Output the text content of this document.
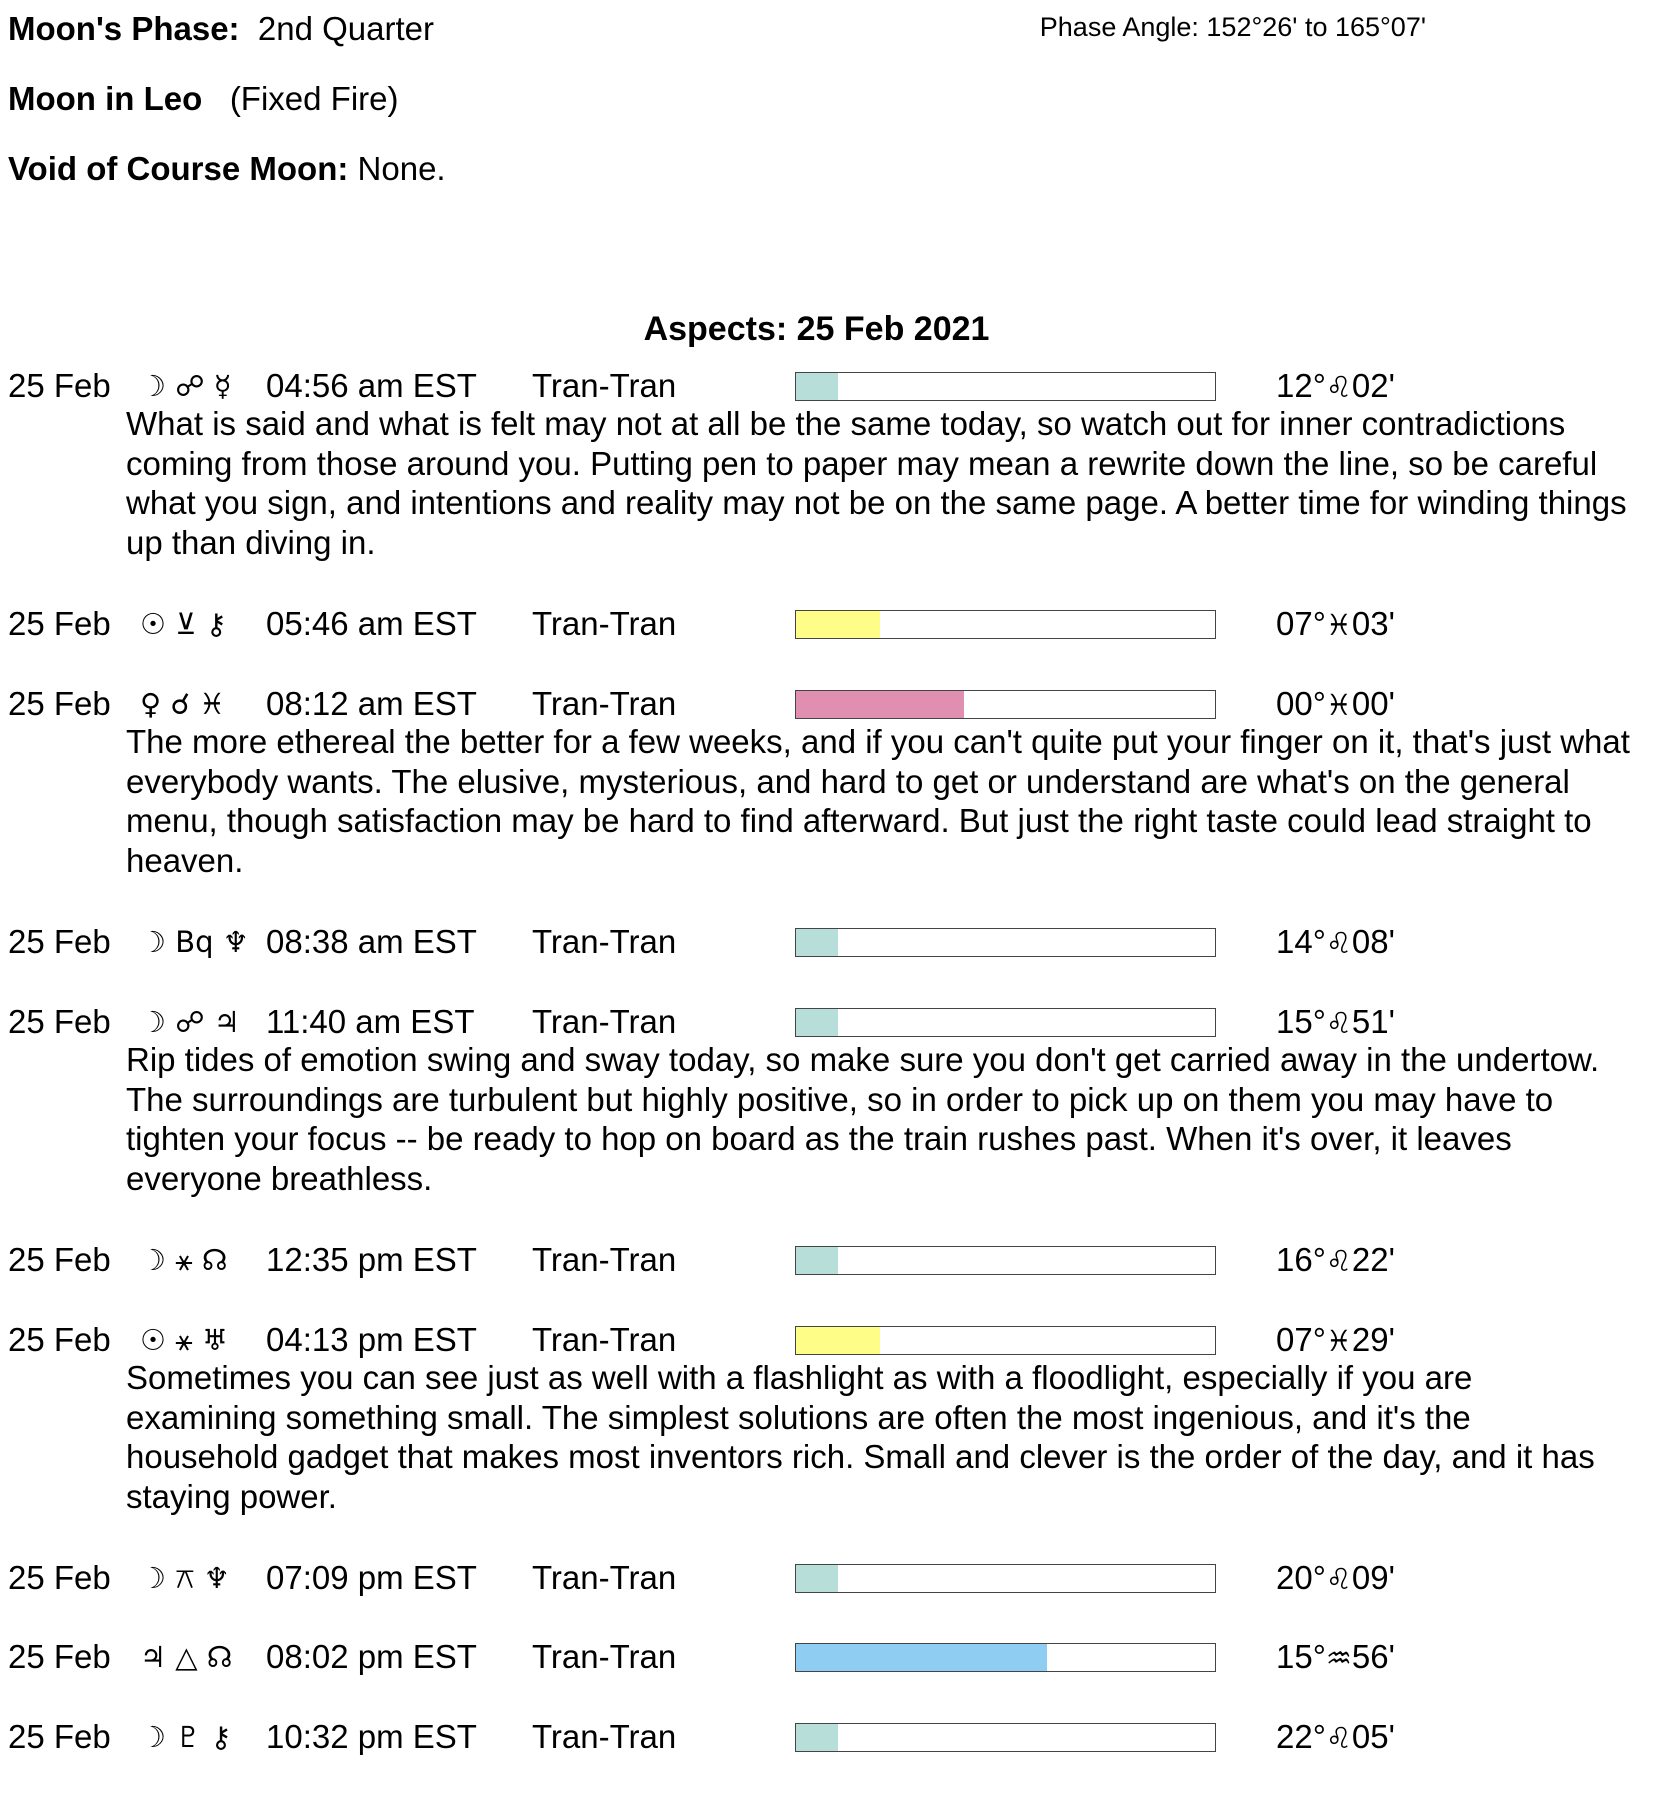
Moon's Phase: 2nd Quarter	Phase Angle: 152°26' to 165°07'
Moon in Leo (Fixed Fire)
Void of Course Moon: None.
Aspects: 25 Feb 2021
25 Feb ☽ ☍ ☿ 04:56 am EST Tran-Tran	12°♌02'
What is said and what is felt may not at all be the same today, so watch out for inner contradictions coming from those around you. Putting pen to paper may mean a rewrite down the line, so be careful what you sign, and intentions and reality may not be on the same page. A better time for winding things up than diving in.
25 Feb ☉ ⊻ ⚷ 05:46 am EST Tran-Tran	07°♓03'
25 Feb ♀ ☌ ♓ 08:12 am EST Tran-Tran	00°♓00'
The more ethereal the better for a few weeks, and if you can't quite put your finger on it, that's just what everybody wants. The elusive, mysterious, and hard to get or understand are what's on the general menu, though satisfaction may be hard to find afterward. But just the right taste could lead straight to heaven.
25 Feb ☽ Bq ♆ 08:38 am EST Tran-Tran	14°♌08'
25 Feb ☽ ☍ ♃ 11:40 am EST Tran-Tran	15°♌51'
Rip tides of emotion swing and sway today, so make sure you don't get carried away in the undertow. The surroundings are turbulent but highly positive, so in order to pick up on them you may have to tighten your focus -- be ready to hop on board as the train rushes past. When it's over, it leaves everyone breathless.
25 Feb ☽ ⚹ ☊ 12:35 pm EST Tran-Tran	16°♌22'
25 Feb ☉ ⚹ ♅ 04:13 pm EST Tran-Tran	07°♓29'
Sometimes you can see just as well with a flashlight as with a floodlight, especially if you are examining something small. The simplest solutions are often the most ingenious, and it's the household gadget that makes most inventors rich. Small and clever is the order of the day, and it has staying power.
25 Feb ☽ ⚻ ♆ 07:09 pm EST Tran-Tran	20°♌09'
25 Feb ♃ △ ☊ 08:02 pm EST Tran-Tran	15°♒56'
25 Feb ☽ ♇ ⚷ 10:32 pm EST Tran-Tran	22°♌05'
